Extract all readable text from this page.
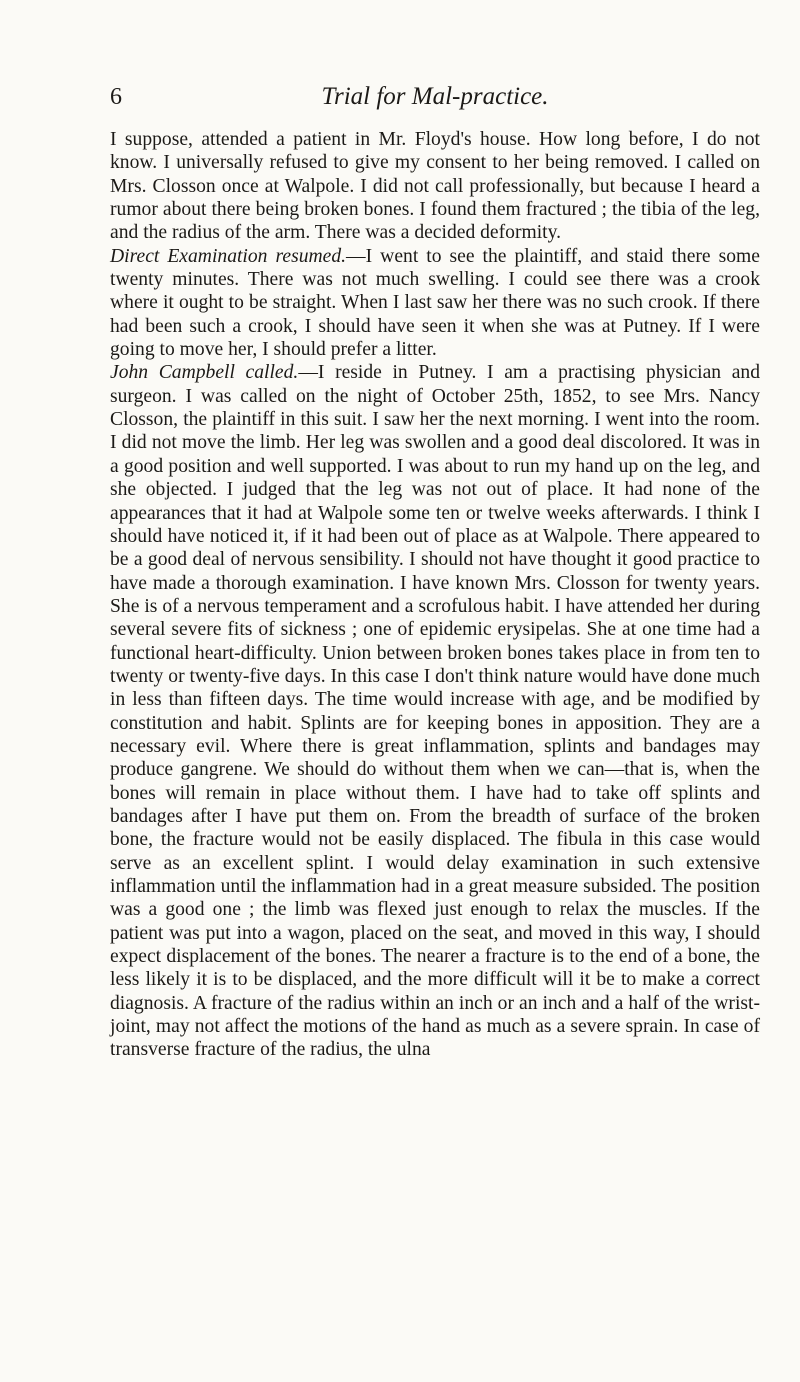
6	Trial for Mal-practice.

I suppose, attended a patient in Mr. Floyd's house. How long before, I do not know. I universally refused to give my consent to her being removed. I called on Mrs. Closson once at Walpole. I did not call professionally, but because I heard a rumor about there being broken bones. I found them fractured ; the tibia of the leg, and the radius of the arm. There was a decided deformity.

Direct Examination resumed.—I went to see the plaintiff, and staid there some twenty minutes. There was not much swelling. I could see there was a crook where it ought to be straight. When I last saw her there was no such crook. If there had been such a crook, I should have seen it when she was at Putney. If I were going to move her, I should prefer a litter.

John Campbell called.—I reside in Putney. I am a practising physician and surgeon. I was called on the night of October 25th, 1852, to see Mrs. Nancy Closson, the plaintiff in this suit. I saw her the next morning. I went into the room. I did not move the limb. Her leg was swollen and a good deal discolored. It was in a good position and well supported. I was about to run my hand up on the leg, and she objected. I judged that the leg was not out of place. It had none of the appearances that it had at Walpole some ten or twelve weeks afterwards. I think I should have noticed it, if it had been out of place as at Walpole. There appeared to be a good deal of nervous sensibility. I should not have thought it good practice to have made a thorough examination. I have known Mrs. Closson for twenty years. She is of a nervous temperament and a scrofulous habit. I have attended her during several severe fits of sickness ; one of epidemic erysipelas. She at one time had a functional heart-difficulty. Union between broken bones takes place in from ten to twenty or twenty-five days. In this case I don't think nature would have done much in less than fifteen days. The time would increase with age, and be modified by constitution and habit. Splints are for keeping bones in apposition. They are a necessary evil. Where there is great inflammation, splints and bandages may produce gangrene. We should do without them when we can—that is, when the bones will remain in place without them. I have had to take off splints and bandages after I have put them on. From the breadth of surface of the broken bone, the fracture would not be easily displaced. The fibula in this case would serve as an excellent splint. I would delay examination in such extensive inflammation until the inflammation had in a great measure subsided. The position was a good one ; the limb was flexed just enough to relax the muscles. If the patient was put into a wagon, placed on the seat, and moved in this way, I should expect displacement of the bones. The nearer a fracture is to the end of a bone, the less likely it is to be displaced, and the more difficult will it be to make a correct diagnosis. A fracture of the radius within an inch or an inch and a half of the wrist-joint, may not affect the motions of the hand as much as a severe sprain. In case of transverse fracture of the radius, the ulna
